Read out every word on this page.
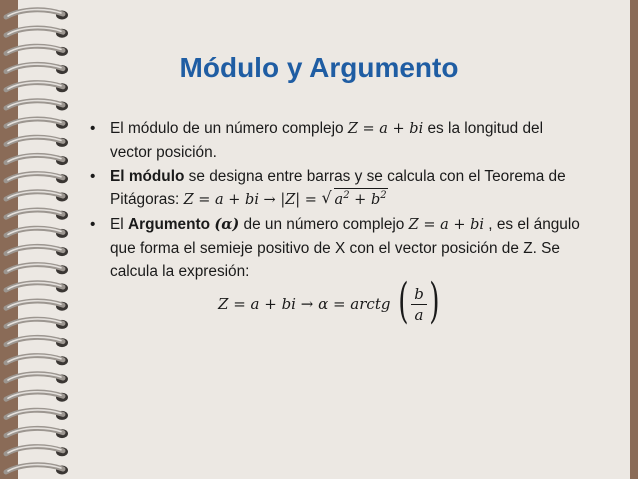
Módulo y Argumento
• El módulo de un número complejo Z = a + bi es la longitud del vector posición.
• El módulo se designa entre barras y se calcula con el Teorema de Pitágoras: Z = a + bi → |Z| = √ $a^2 + b^2$
• El Argumento (α) de un número complejo Z = a + bi , es el ángulo que forma el semieje positivo de X con el vector posición de Z. Se calcula la expresión:
Z = a + bi → α = arctg ( $\frac{b}{a}$ )
